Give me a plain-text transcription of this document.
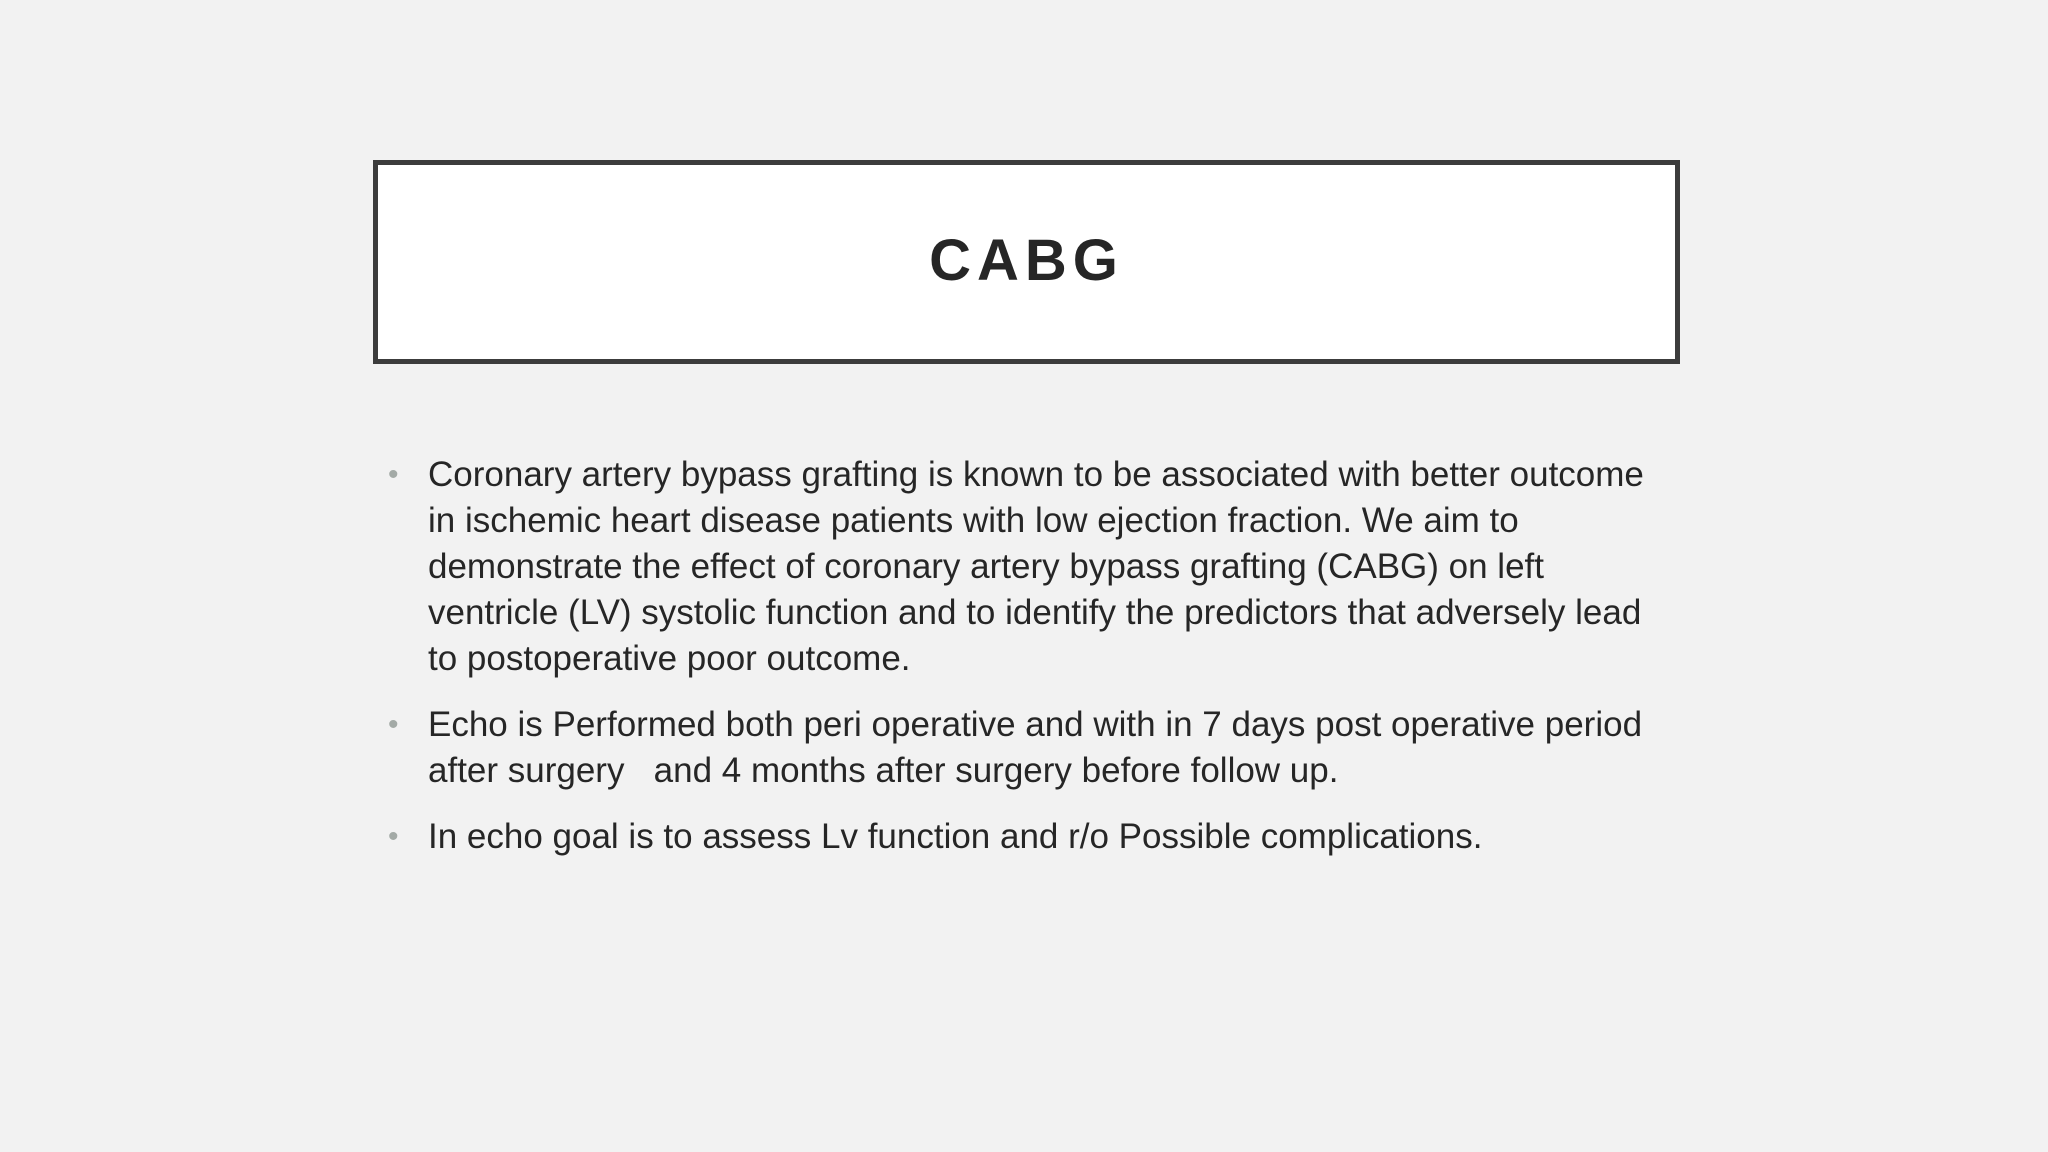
CABG
• Coronary artery bypass grafting is known to be associated with better outcome in ischemic heart disease patients with low ejection fraction. We aim to demonstrate the effect of coronary artery bypass grafting (CABG) on left ventricle (LV) systolic function and to identify the predictors that adversely lead to postoperative poor outcome.
• Echo is Performed both peri operative and with in 7 days post operative period after surgery   and 4 months after surgery before follow up.
• In echo goal is to assess Lv function and r/o Possible complications.
